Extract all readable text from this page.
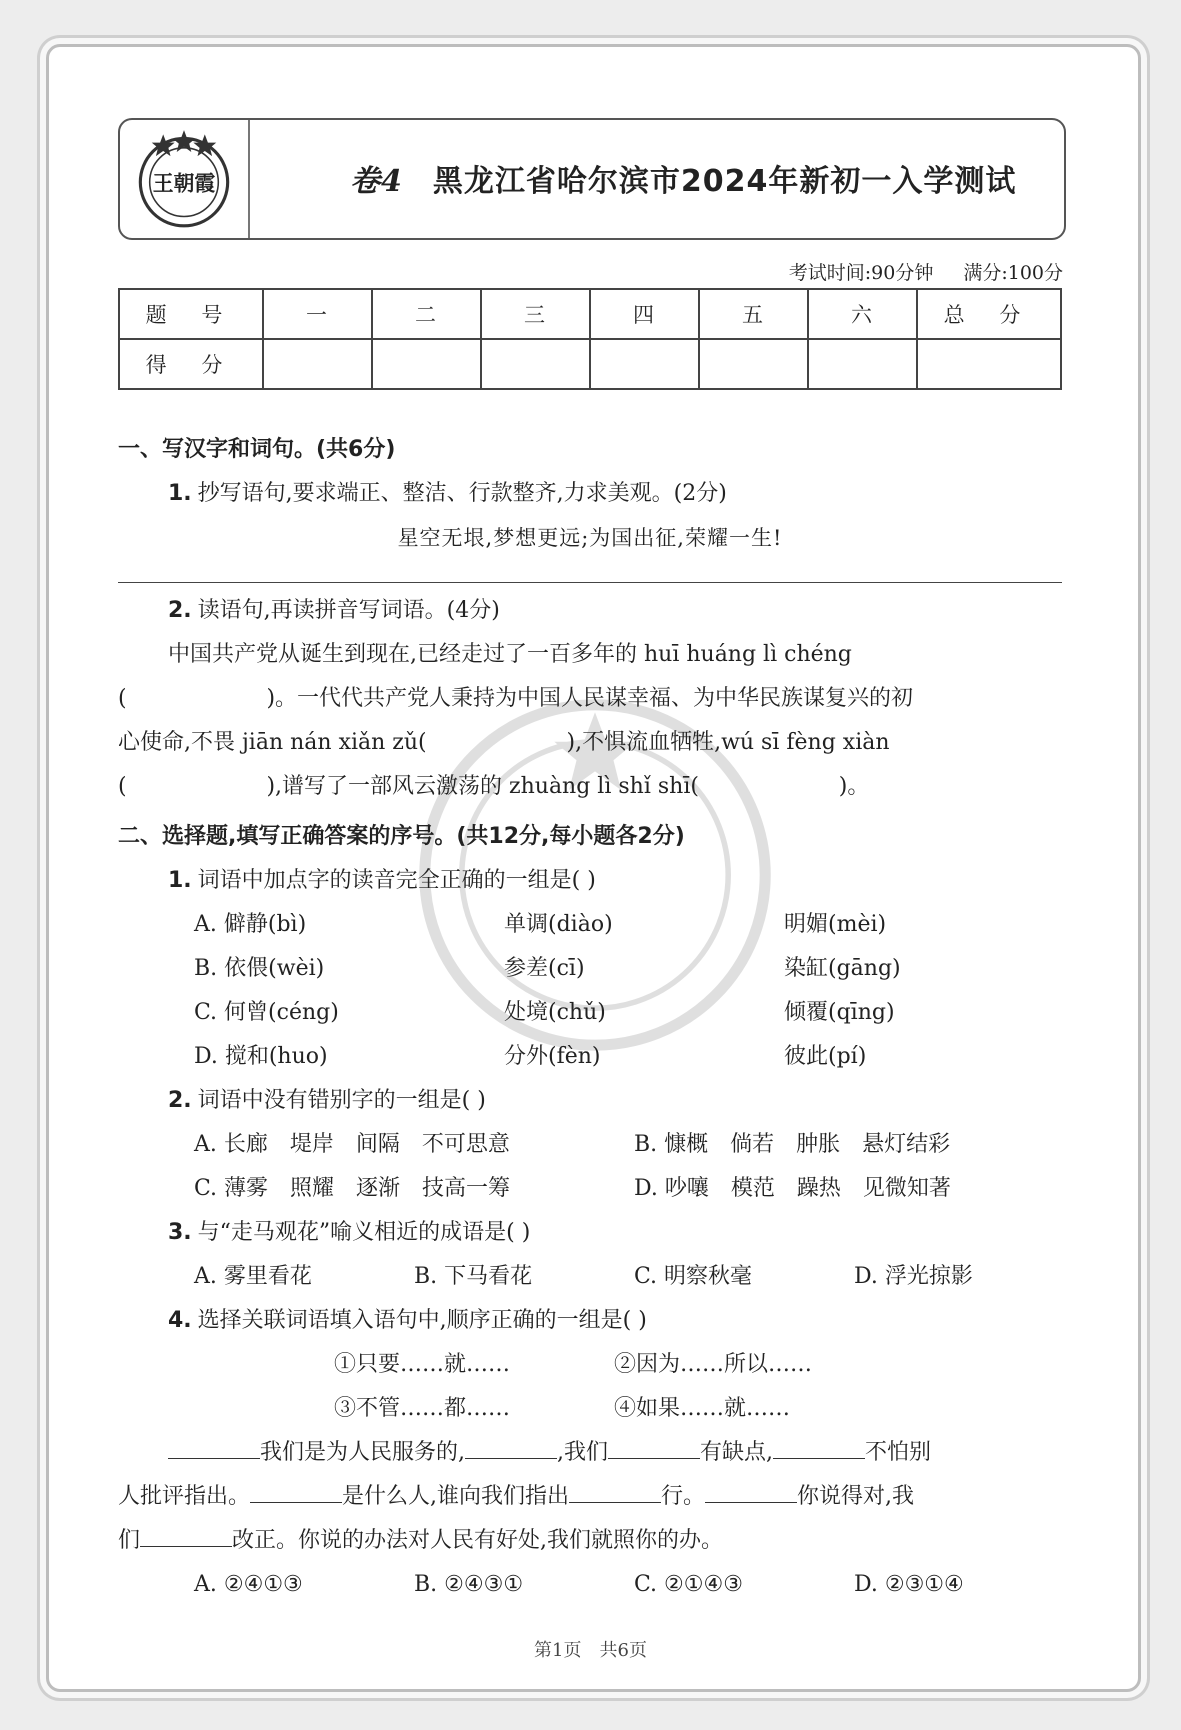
王朝霞	卷4 黑龙江省哈尔滨市2024年新初一入学测试
考试时间:90分钟 满分:100分
题 号	一	二	三	四	五	六	总 分
得 分							
一、写汉字和词句。(共6分)
1. 抄写语句,要求端正、整洁、行款整齐,力求美观。(2分)
星空无垠,梦想更远;为国出征,荣耀一生!
2. 读语句,再读拼音写词语。(4分)
中国共产党从诞生到现在,已经走过了一百多年的 huī huáng lì chéng
(                    )。一代代共产党人秉持为中国人民谋幸福、为中华民族谋复兴的初
心使命,不畏 jiān nán xiǎn zǔ(                    ),不惧流血牺牲,wú sī fèng xiàn
(                    ),谱写了一部风云激荡的 zhuàng lì shǐ shī(                    )。
二、选择题,填写正确答案的序号。(共12分,每小题各2分)
1. 词语中加点字的读音完全正确的一组是( )
A. 僻静(bì)	单调(diào)	明媚(mèi)
B. 依偎(wèi)	参差(cī)	染缸(gāng)
C. 何曾(céng)	处境(chǔ)	倾覆(qīng)
D. 搅和(huo)	分外(fèn)	彼此(pí)
2. 词语中没有错别字的一组是( )
A. 长廊　堤岸　间隔　不可思意	B. 慷概　倘若　肿胀　悬灯结彩
C. 薄雾　照耀　逐渐　技高一筹	D. 吵嚷　模范　躁热　见微知著
3. 与“走马观花”喻义相近的成语是( )
A. 雾里看花	B. 下马看花	C. 明察秋毫	D. 浮光掠影
4. 选择关联词语填入语句中,顺序正确的一组是( )
①只要……就……	②因为……所以……
③不管……都……	④如果……就……
我们是为人民服务的,	,我们	有缺点,	不怕别
人批评指出。	是什么人,谁向我们指出	行。	你说得对,我
们	改正。你说的办法对人民有好处,我们就照你的办。
A. ②④①③	B. ②④③①	C. ②①④③	D. ②③①④
第1页 共6页
